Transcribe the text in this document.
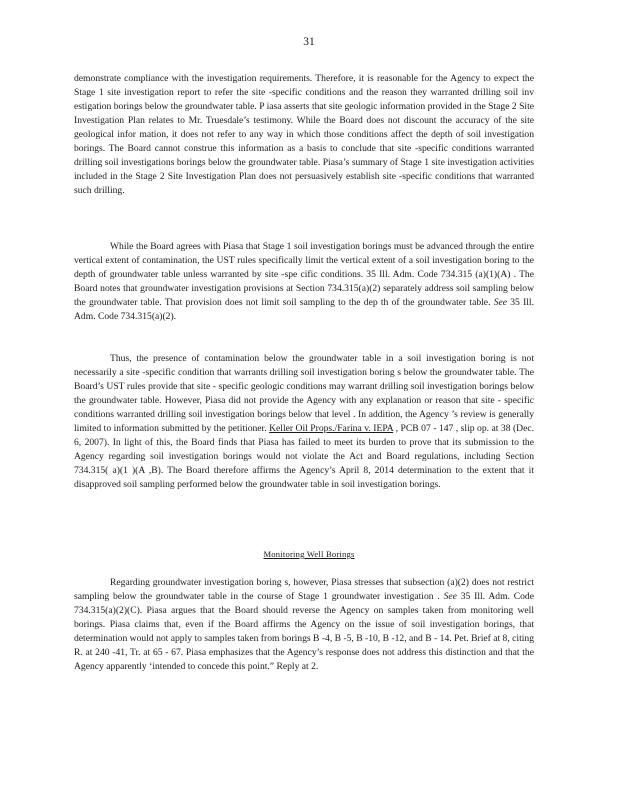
31

demonstrate compliance with the investigation requirements. Therefore, it is reasonable for the Agency to expect the Stage 1 site investigation report to refer the site -specific conditions and the reason they warranted drilling soil inv estigation borings below the groundwater table. P iasa asserts that site geologic information provided in the Stage 2 Site Investigation Plan relates to Mr. Truesdale’s testimony. While the Board does not discount the accuracy of the site geological infor mation, it does not refer to any way in which those conditions affect the depth of soil investigation borings. The Board cannot construe this information as a basis to conclude that site -specific conditions warranted drilling soil investigations borings below the groundwater table. Piasa’s summary of Stage 1 site investigation activities included in the Stage 2 Site Investigation Plan does not persuasively establish site -specific conditions that warranted such drilling.

While the Board agrees with Piasa that Stage 1 soil investigation borings must be advanced through the entire vertical extent of contamination, the UST rules specifically limit the vertical extent of a soil investigation boring to the depth of groundwater table unless warranted by site -spe cific conditions. 35 Ill. Adm. Code 734.315 (a)(1)(A) . The Board notes that groundwater investigation provisions at Section 734.315(a)(2) separately address soil sampling below the groundwater table. That provision does not limit soil sampling to the dep th of the groundwater table. See 35 Ill. Adm. Code 734.315(a)(2).

Thus, the presence of contamination below the groundwater table in a soil investigation boring is not necessarily a site -specific condition that warrants drilling soil investigation boring s below the groundwater table. The Board’s UST rules provide that site - specific geologic conditions may warrant drilling soil investigation borings below the groundwater table. However, Piasa did not provide the Agency with any explanation or reason that site - specific conditions warranted drilling soil investigation borings below that level . In addition, the Agency ’s review is generally limited to information submitted by the petitioner. Keller Oil Props./Farina v. IEPA , PCB 07 - 147 , slip op. at 38 (Dec. 6, 2007). In light of this, the Board finds that Piasa has failed to meet its burden to prove that its submission to the Agency regarding soil investigation borings would not violate the Act and Board regulations, including Section 734.315( a)(1 )(A ,B). The Board therefore affirms the Agency’s April 8, 2014 determination to the extent that it disapproved soil sampling performed below the groundwater table in soil investigation borings.

Monitoring Well Borings

Regarding groundwater investigation boring s, however, Piasa stresses that subsection (a)(2) does not restrict sampling below the groundwater table in the course of Stage 1 groundwater investigation . See 35 Ill. Adm. Code 734.315(a)(2)(C). Piasa argues that the Board should reverse the Agency on samples taken from monitoring well borings. Piasa claims that, even if the Board affirms the Agency on the issue of soil investigation borings, that determination would not apply to samples taken from borings B -4, B -5, B -10, B -12, and B - 14. Pet. Brief at 8, citing R. at 240 -41, Tr. at 65 - 67. Piasa emphasizes that the Agency’s response does not address this distinction and that the Agency apparently ‘intended to concede this point.” Reply at 2.
